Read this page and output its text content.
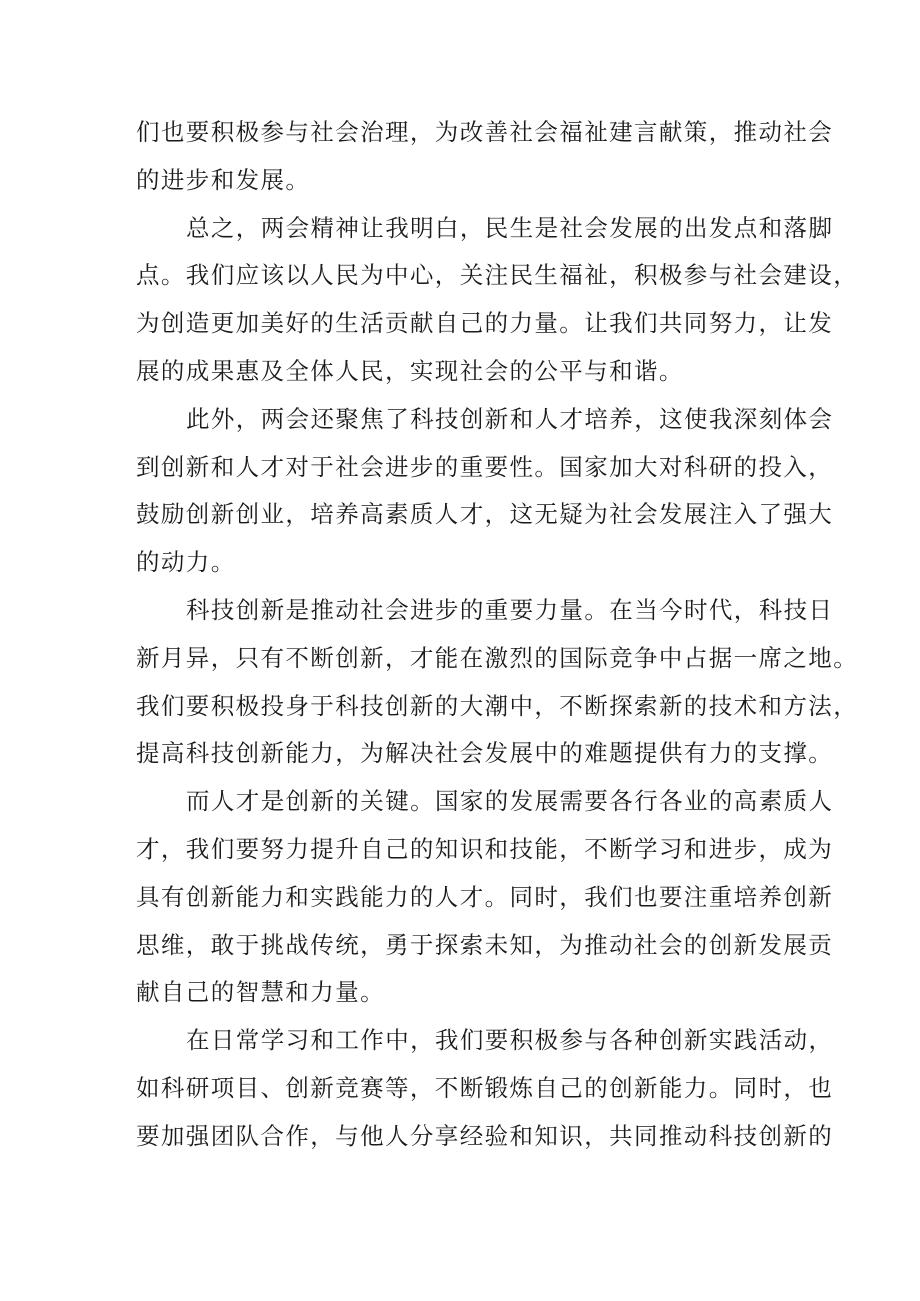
们也要积极参与社会治理，为改善社会福祉建言献策，推动社会
的进步和发展。
总之，两会精神让我明白，民生是社会发展的出发点和落脚
点。我们应该以人民为中心，关注民生福祉，积极参与社会建设，
为创造更加美好的生活贡献自己的力量。让我们共同努力，让发
展的成果惠及全体人民，实现社会的公平与和谐。
此外，两会还聚焦了科技创新和人才培养，这使我深刻体会
到创新和人才对于社会进步的重要性。国家加大对科研的投入，
鼓励创新创业，培养高素质人才，这无疑为社会发展注入了强大
的动力。
科技创新是推动社会进步的重要力量。在当今时代，科技日
新月异，只有不断创新，才能在激烈的国际竞争中占据一席之地。
我们要积极投身于科技创新的大潮中，不断探索新的技术和方法，
提高科技创新能力，为解决社会发展中的难题提供有力的支撑。
而人才是创新的关键。国家的发展需要各行各业的高素质人
才，我们要努力提升自己的知识和技能，不断学习和进步，成为
具有创新能力和实践能力的人才。同时，我们也要注重培养创新
思维，敢于挑战传统，勇于探索未知，为推动社会的创新发展贡
献自己的智慧和力量。
在日常学习和工作中，我们要积极参与各种创新实践活动，
如科研项目、创新竞赛等，不断锻炼自己的创新能力。同时，也
要加强团队合作，与他人分享经验和知识，共同推动科技创新的
